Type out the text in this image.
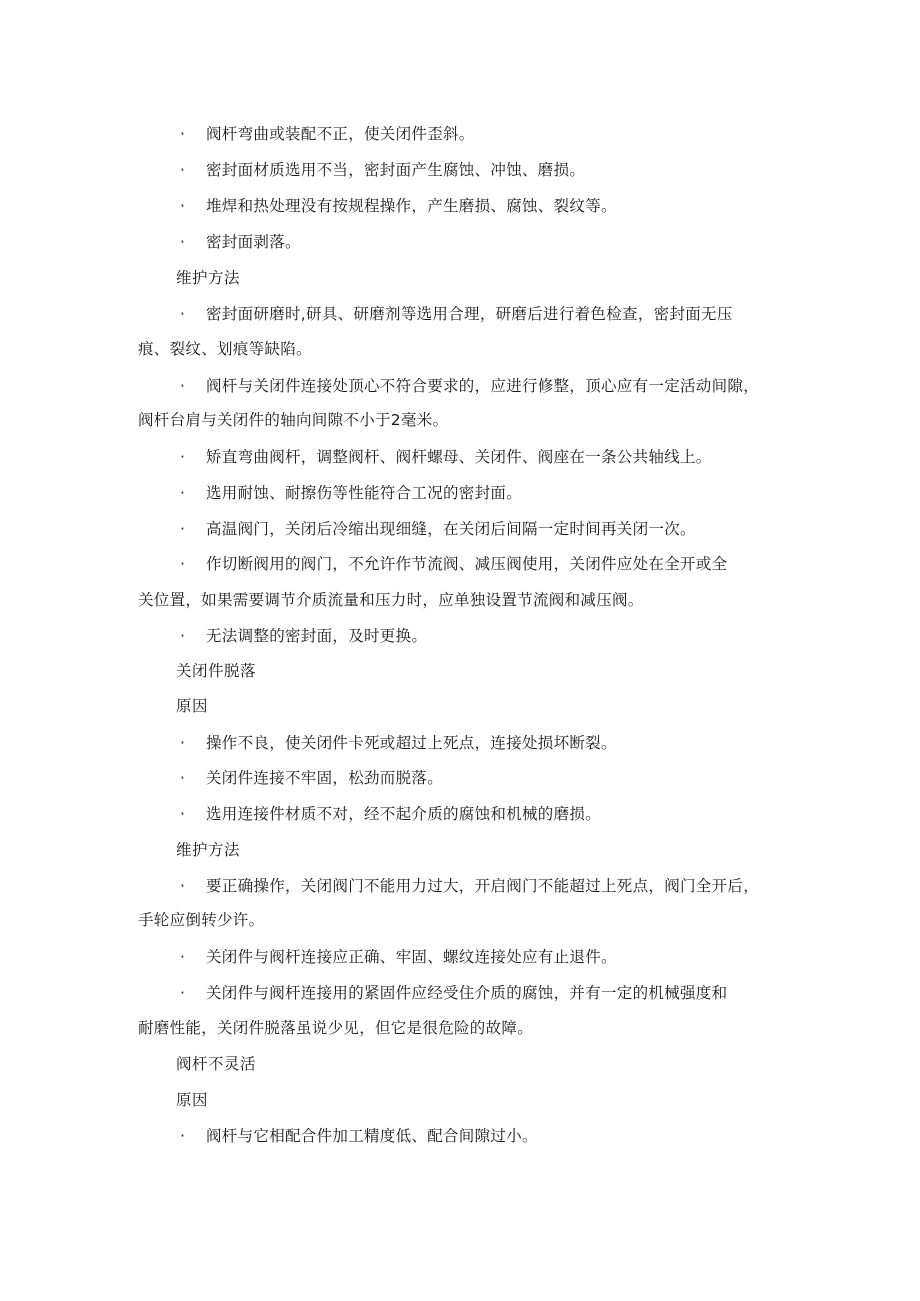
· 阀杆弯曲或装配不正，使关闭件歪斜。
· 密封面材质选用不当，密封面产生腐蚀、冲蚀、磨损。
· 堆焊和热处理没有按规程操作，产生磨损、腐蚀、裂纹等。
· 密封面剥落。
维护方法
· 密封面研磨时,研具、研磨剂等选用合理，研磨后进行着色检查，密封面无压
痕、裂纹、划痕等缺陷。
· 阀杆与关闭件连接处顶心不符合要求的，应进行修整，顶心应有一定活动间隙，
阀杆台肩与关闭件的轴向间隙不小于2毫米。
· 矫直弯曲阀杆，调整阀杆、阀杆螺母、关闭件、阀座在一条公共轴线上。
· 选用耐蚀、耐擦伤等性能符合工况的密封面。
· 高温阀门，关闭后冷缩出现细缝，在关闭后间隔一定时间再关闭一次。
· 作切断阀用的阀门，不允许作节流阀、减压阀使用，关闭件应处在全开或全
关位置，如果需要调节介质流量和压力时，应单独设置节流阀和减压阀。
· 无法调整的密封面，及时更换。
关闭件脱落
原因
· 操作不良，使关闭件卡死或超过上死点，连接处损坏断裂。
· 关闭件连接不牢固，松劲而脱落。
· 选用连接件材质不对，经不起介质的腐蚀和机械的磨损。
维护方法
· 要正确操作，关闭阀门不能用力过大，开启阀门不能超过上死点，阀门全开后，
手轮应倒转少许。
· 关闭件与阀杆连接应正确、牢固、螺纹连接处应有止退件。
· 关闭件与阀杆连接用的紧固件应经受住介质的腐蚀，并有一定的机械强度和
耐磨性能，关闭件脱落虽说少见，但它是很危险的故障。
阀杆不灵活
原因
· 阀杆与它相配合件加工精度低、配合间隙过小。
